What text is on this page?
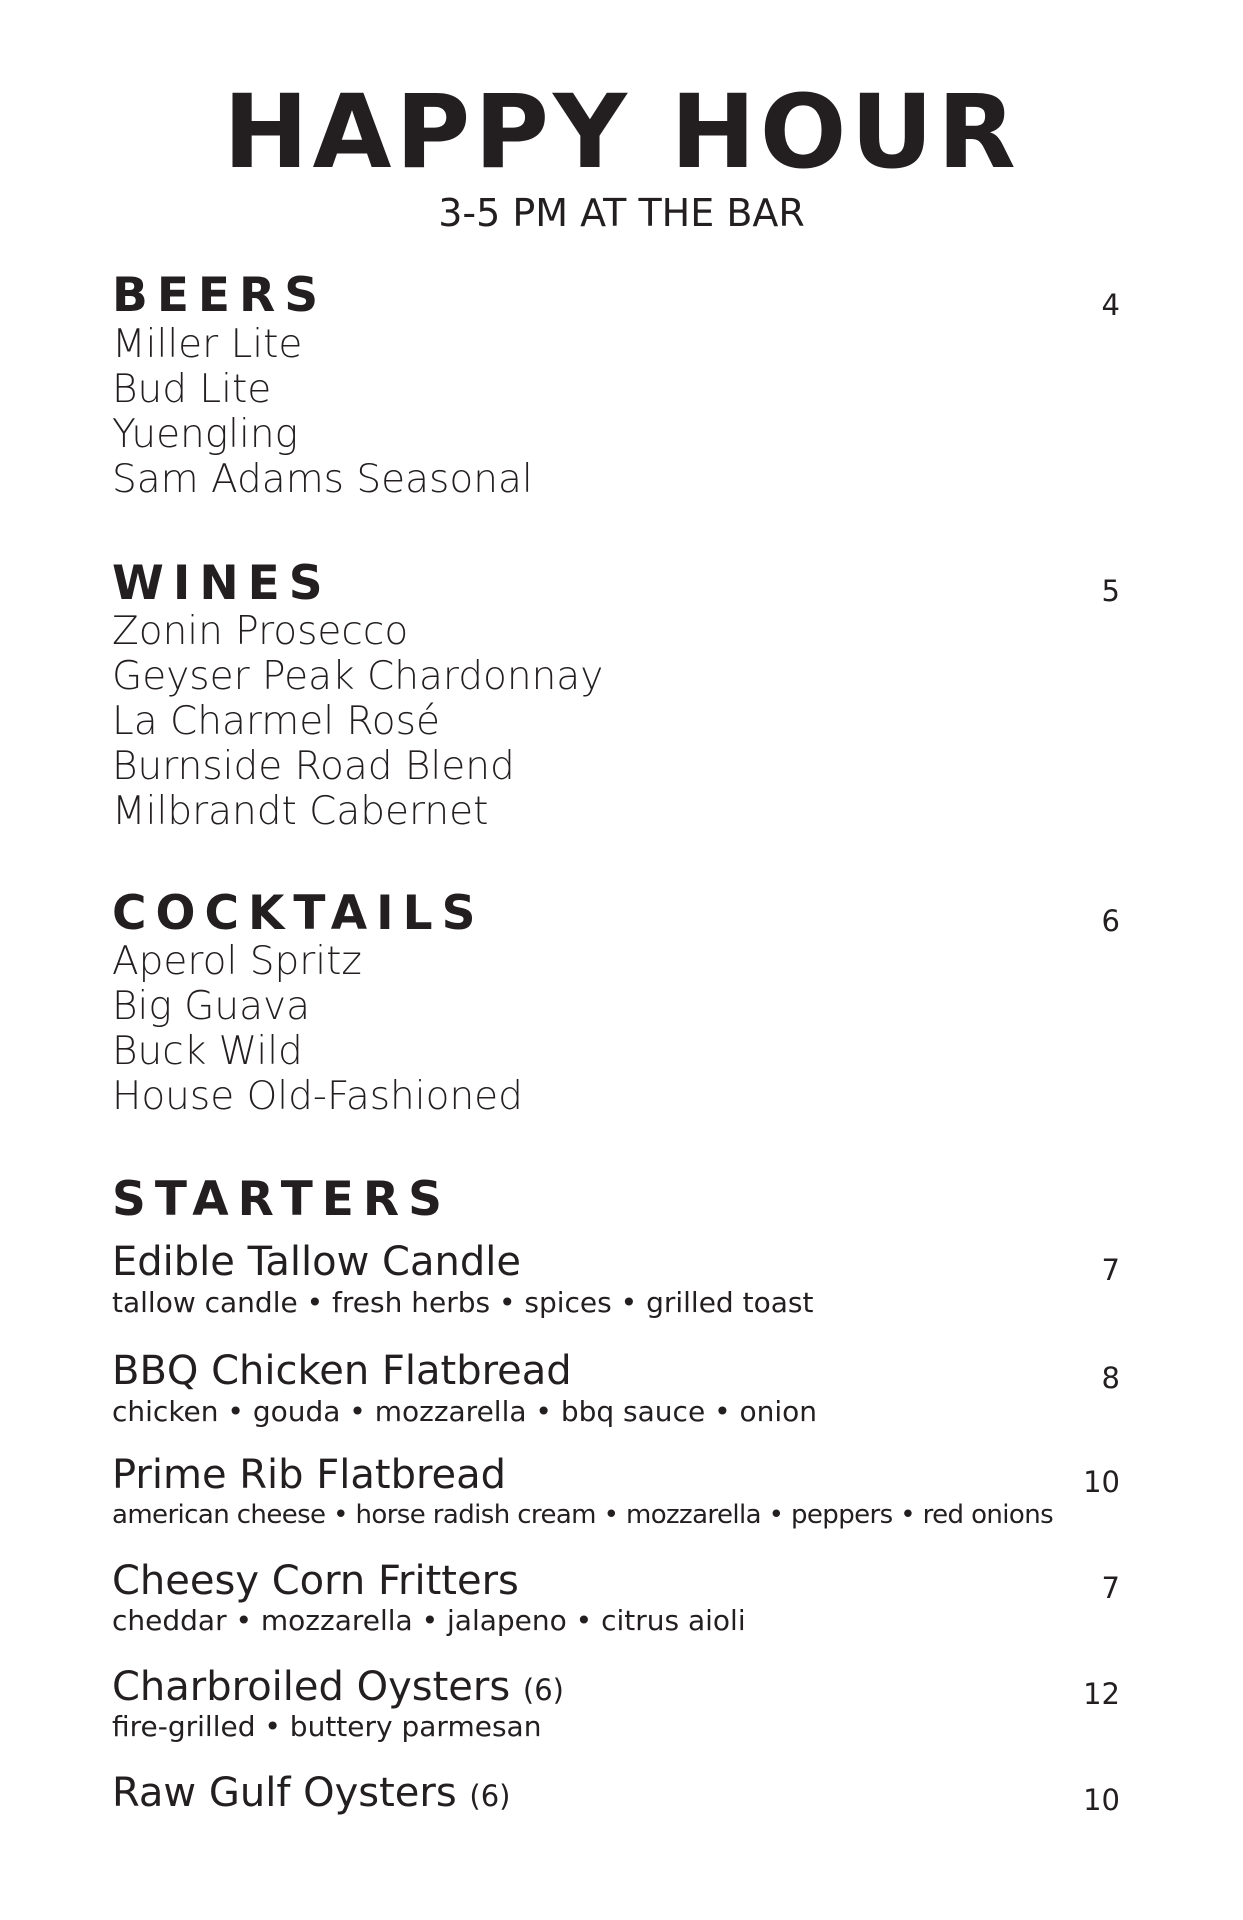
HAPPY HOUR
3-5 PM AT THE BAR
BEERS	4
Miller Lite
Bud Lite
Yuengling
Sam Adams Seasonal
WINES	5
Zonin Prosecco
Geyser Peak Chardonnay
La Charmel Rosé
Burnside Road Blend
Milbrandt Cabernet
COCKTAILS	6
Aperol Spritz
Big Guava
Buck Wild
House Old-Fashioned
STARTERS
Edible Tallow Candle	7
tallow candle • fresh herbs • spices • grilled toast
BBQ Chicken Flatbread	8
chicken • gouda • mozzarella • bbq sauce • onion
Prime Rib Flatbread	10
american cheese • horse radish cream • mozzarella • peppers • red onions
Cheesy Corn Fritters	7
cheddar • mozzarella • jalapeno • citrus aioli
Charbroiled Oysters (6)	12
fire-grilled • buttery parmesan
Raw Gulf Oysters (6)	10
